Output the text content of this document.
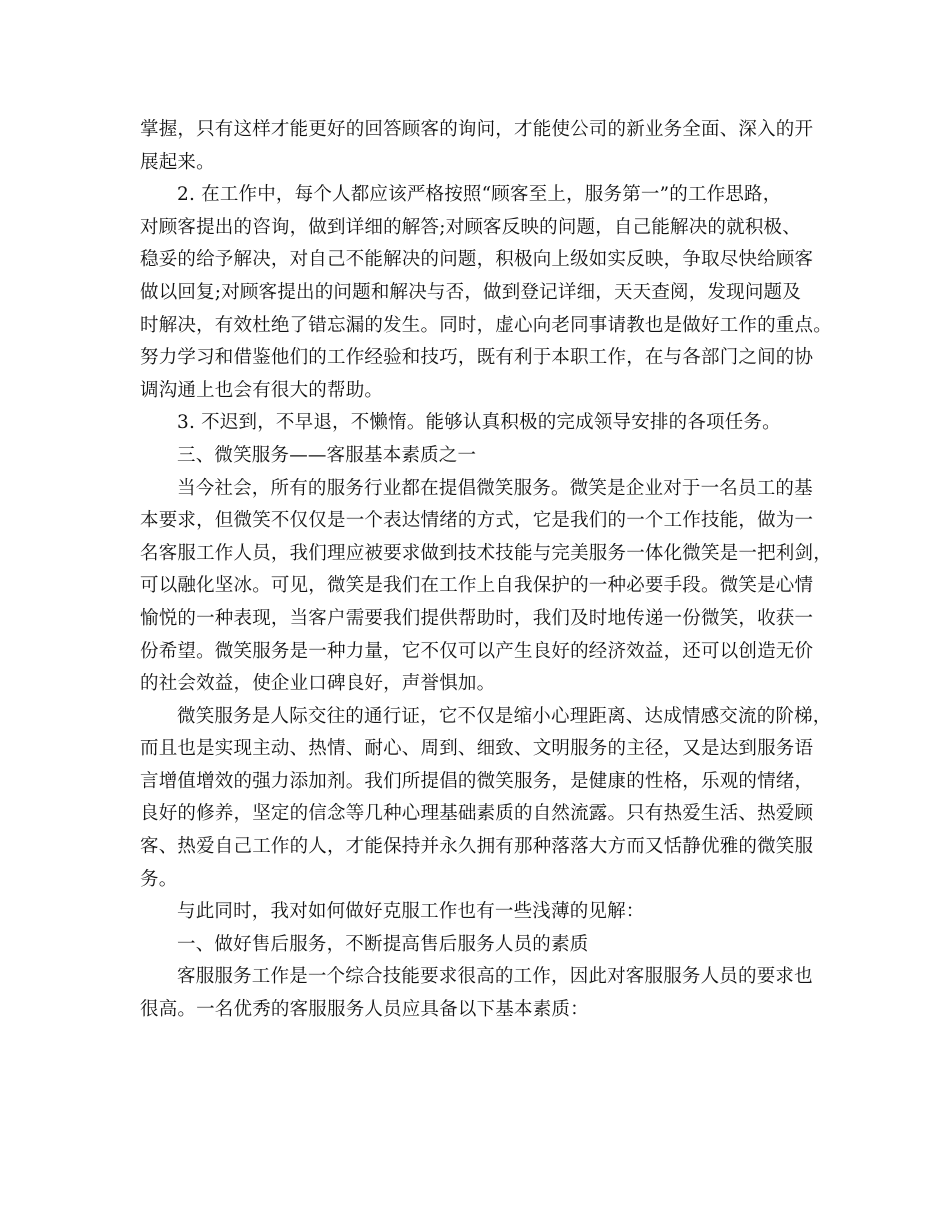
掌握，只有这样才能更好的回答顾客的询问，才能使公司的新业务全面、深入的开
展起来。
2. 在工作中，每个人都应该严格按照“顾客至上，服务第一”的工作思路，
对顾客提出的咨询，做到详细的解答;对顾客反映的问题，自己能解决的就积极、
稳妥的给予解决，对自己不能解决的问题，积极向上级如实反映，争取尽快给顾客
做以回复;对顾客提出的问题和解决与否，做到登记详细，天天查阅，发现问题及
时解决，有效杜绝了错忘漏的发生。同时，虚心向老同事请教也是做好工作的重点。
努力学习和借鉴他们的工作经验和技巧，既有利于本职工作，在与各部门之间的协
调沟通上也会有很大的帮助。
3. 不迟到，不早退，不懒惰。能够认真积极的完成领导安排的各项任务。
三、微笑服务——客服基本素质之一
当今社会，所有的服务行业都在提倡微笑服务。微笑是企业对于一名员工的基
本要求，但微笑不仅仅是一个表达情绪的方式，它是我们的一个工作技能，做为一
名客服工作人员，我们理应被要求做到技术技能与完美服务一体化微笑是一把利剑，
可以融化坚冰。可见，微笑是我们在工作上自我保护的一种必要手段。微笑是心情
愉悦的一种表现，当客户需要我们提供帮助时，我们及时地传递一份微笑，收获一
份希望。微笑服务是一种力量，它不仅可以产生良好的经济效益，还可以创造无价
的社会效益，使企业口碑良好，声誉惧加。
微笑服务是人际交往的通行证，它不仅是缩小心理距离、达成情感交流的阶梯，
而且也是实现主动、热情、耐心、周到、细致、文明服务的主径，又是达到服务语
言增值增效的强力添加剂。我们所提倡的微笑服务，是健康的性格，乐观的情绪，
良好的修养，坚定的信念等几种心理基础素质的自然流露。只有热爱生活、热爱顾
客、热爱自己工作的人，才能保持并永久拥有那种落落大方而又恬静优雅的微笑服
务。
与此同时，我对如何做好克服工作也有一些浅薄的见解：
一、做好售后服务，不断提高售后服务人员的素质
客服服务工作是一个综合技能要求很高的工作，因此对客服服务人员的要求也
很高。一名优秀的客服服务人员应具备以下基本素质：
